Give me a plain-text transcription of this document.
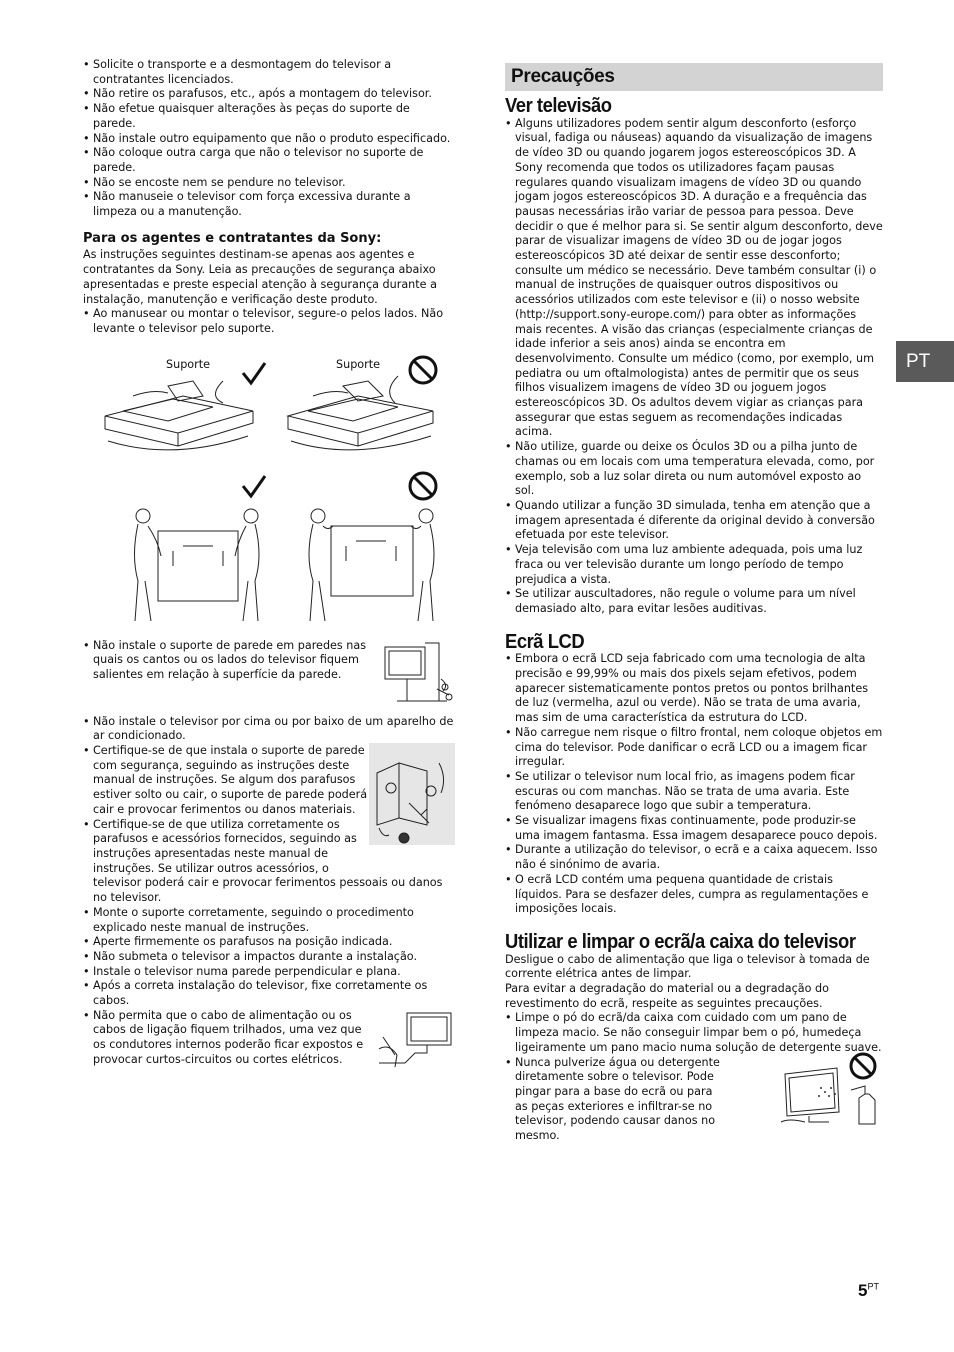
• Solicite o transporte e a desmontagem do televisor a contratantes licenciados.
• Não retire os parafusos, etc., após a montagem do televisor.
• Não efetue quaisquer alterações às peças do suporte de parede.
• Não instale outro equipamento que não o produto especificado.
• Não coloque outra carga que não o televisor no suporte de parede.
• Não se encoste nem se pendure no televisor.
• Não manuseie o televisor com força excessiva durante a limpeza ou a manutenção.
Para os agentes e contratantes da Sony:

As instruções seguintes destinam-se apenas aos agentes e contratantes da Sony. Leia as precauções de segurança abaixo apresentadas e preste especial atenção à segurança durante a instalação, manutenção e verificação deste produto.

• Ao manusear ou montar o televisor, segure-o pelos lados. Não levante o televisor pelo suporte.
Suporte	Suporte
• Não instale o suporte de parede em paredes nas quais os cantos ou os lados do televisor fiquem salientes em relação à superfície da parede.
• Não instale o televisor por cima ou por baixo de um aparelho de ar condicionado.
• Certifique-se de que instala o suporte de parede com segurança, seguindo as instruções deste manual de instruções. Se algum dos parafusos estiver solto ou cair, o suporte de parede poderá cair e provocar ferimentos ou danos materiais.
• Certifique-se de que utiliza corretamente os parafusos e acessórios fornecidos, seguindo as instruções apresentadas neste manual de instruções. Se utilizar outros acessórios, o

televisor poderá cair e provocar ferimentos pessoais ou danos no televisor.

• Monte o suporte corretamente, seguindo o procedimento explicado neste manual de instruções.
• Aperte firmemente os parafusos na posição indicada.
• Não submeta o televisor a impactos durante a instalação.
• Instale o televisor numa parede perpendicular e plana.
• Após a correta instalação do televisor, fixe corretamente os cabos.
• Não permita que o cabo de alimentação ou os cabos de ligação fiquem trilhados, uma vez que os condutores internos poderão ficar expostos e provocar curtos-circuitos ou cortes elétricos.
Precauções
Ver televisão
• Alguns utilizadores podem sentir algum desconforto (esforço visual, fadiga ou náuseas) aquando da visualização de imagens de vídeo 3D ou quando jogarem jogos estereoscópicos 3D. A Sony recomenda que todos os utilizadores façam pausas regulares quando visualizam imagens de vídeo 3D ou quando jogam jogos estereoscópicos 3D. A duração e a frequência das pausas necessárias irão variar de pessoa para pessoa. Deve decidir o que é melhor para si. Se sentir algum desconforto, deve parar de visualizar imagens de vídeo 3D ou de jogar jogos estereoscópicos 3D até deixar de sentir esse desconforto; consulte um médico se necessário. Deve também consultar (i) o manual de instruções de quaisquer outros dispositivos ou acessórios utilizados com este televisor e (ii) o nosso website (http://support.sony-europe.com/) para obter as informações mais recentes. A visão das crianças (especialmente crianças de idade inferior a seis anos) ainda se encontra em desenvolvimento. Consulte um médico (como, por exemplo, um pediatra ou um oftalmologista) antes de permitir que os seus filhos visualizem imagens de vídeo 3D ou joguem jogos estereoscópicos 3D. Os adultos devem vigiar as crianças para assegurar que estas seguem as recomendações indicadas acima.
• Não utilize, guarde ou deixe os Óculos 3D ou a pilha junto de chamas ou em locais com uma temperatura elevada, como, por exemplo, sob a luz solar direta ou num automóvel exposto ao sol.
• Quando utilizar a função 3D simulada, tenha em atenção que a imagem apresentada é diferente da original devido à conversão efetuada por este televisor.
• Veja televisão com uma luz ambiente adequada, pois uma luz fraca ou ver televisão durante um longo período de tempo prejudica a vista.
• Se utilizar auscultadores, não regule o volume para um nível demasiado alto, para evitar lesões auditivas.
Ecrã LCD
• Embora o ecrã LCD seja fabricado com uma tecnologia de alta precisão e 99,99% ou mais dos pixels sejam efetivos, podem aparecer sistematicamente pontos pretos ou pontos brilhantes de luz (vermelha, azul ou verde). Não se trata de uma avaria, mas sim de uma característica da estrutura do LCD.
• Não carregue nem risque o filtro frontal, nem coloque objetos em cima do televisor. Pode danificar o ecrã LCD ou a imagem ficar irregular.
• Se utilizar o televisor num local frio, as imagens podem ficar escuras ou com manchas. Não se trata de uma avaria. Este fenómeno desaparece logo que subir a temperatura.
• Se visualizar imagens fixas continuamente, pode produzir-se uma imagem fantasma. Essa imagem desaparece pouco depois.
• Durante a utilização do televisor, o ecrã e a caixa aquecem. Isso não é sinónimo de avaria.
• O ecrã LCD contém uma pequena quantidade de cristais líquidos. Para se desfazer deles, cumpra as regulamentações e imposições locais.
Utilizar e limpar o ecrã/a caixa do televisor

Desligue o cabo de alimentação que liga o televisor à tomada de corrente elétrica antes de limpar.

Para evitar a degradação do material ou a degradação do revestimento do ecrã, respeite as seguintes precauções.

• Limpe o pó do ecrã/da caixa com cuidado com um pano de limpeza macio. Se não conseguir limpar bem o pó, humedeça ligeiramente um pano macio numa solução de detergente suave.
• Nunca pulverize água ou detergente diretamente sobre o televisor. Pode pingar para a base do ecrã ou para as peças exteriores e infiltrar-se no televisor, podendo causar danos no mesmo.
PT
$5^{PT}$
